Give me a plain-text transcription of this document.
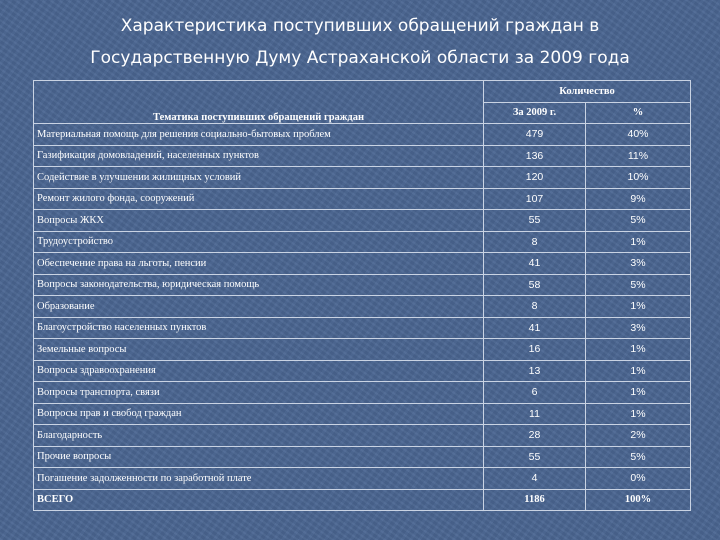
Характеристика поступивших обращений граждан в
Государственную Думу Астраханской области за 2009 года
Тематика поступивших обращений граждан	Количество	
	За 2009 г.	%
Материальная помощь для решения социально-бытовых проблем	479	40%
Газификация домовладений, населенных пунктов	136	11%
Содействие в улучшении жилищных условий	120	10%
Ремонт жилого фонда, сооружений	107	9%
Вопросы ЖКХ	55	5%
Трудоустройство	8	1%
Обеспечение права на льготы, пенсии	41	3%
Вопросы законодательства, юридическая помощь	58	5%
Образование	8	1%
Благоустройство населенных пунктов	41	3%
Земельные вопросы	16	1%
Вопросы здравоохранения	13	1%
Вопросы транспорта, связи	6	1%
Вопросы прав и свобод граждан	11	1%
Благодарность	28	2%
Прочие вопросы	55	5%
Погашение задолженности по заработной плате	4	0%
ВСЕГО	1186	100%
